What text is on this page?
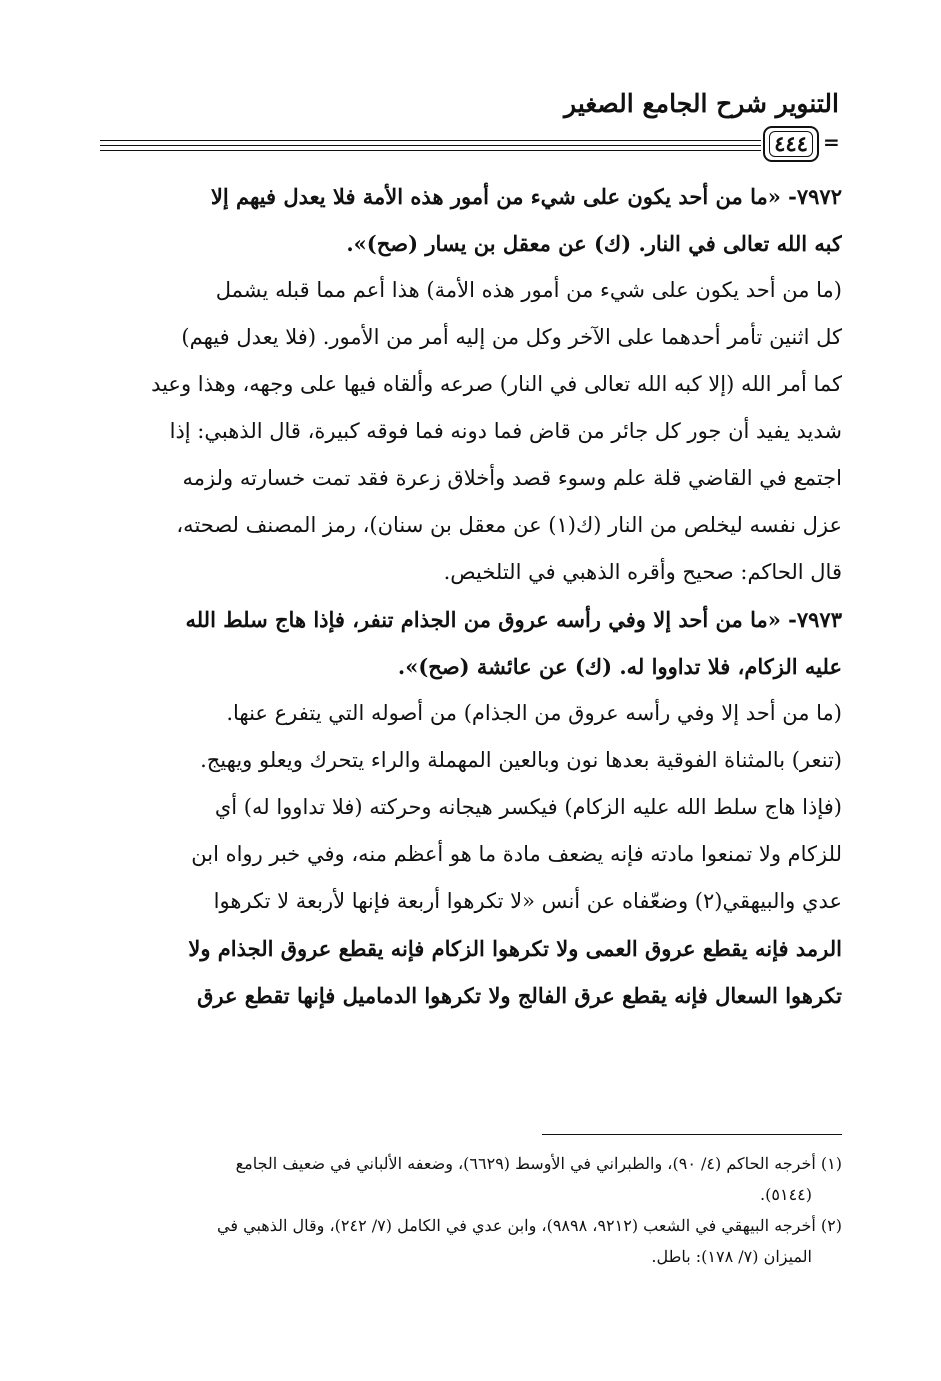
التنوير شرح الجامع الصغير
٤٤٤ =
٧٩٧٢- «ما من أحد يكون على شيء من أمور هذه الأمة فلا يعدل فيهم إلا
كبه الله تعالى في النار. (ك) عن معقل بن يسار (صح)».
(ما من أحد يكون على شيء من أمور هذه الأمة) هذا أعم مما قبله يشمل
كل اثنين تأمر أحدهما على الآخر وكل من إليه أمر من الأمور. (فلا يعدل فيهم)
كما أمر الله (إلا كبه الله تعالى في النار) صرعه وألقاه فيها على وجهه، وهذا وعيد
شديد يفيد أن جور كل جائر من قاض فما دونه فما فوقه كبيرة، قال الذهبي: إذا
اجتمع في القاضي قلة علم وسوء قصد وأخلاق زعرة فقد تمت خسارته ولزمه
عزل نفسه ليخلص من النار (ك(١) عن معقل بن سنان)، رمز المصنف لصحته،
قال الحاكم: صحيح وأقره الذهبي في التلخيص.
٧٩٧٣- «ما من أحد إلا وفي رأسه عروق من الجذام تنفر، فإذا هاج سلط الله
عليه الزكام، فلا تداووا له. (ك) عن عائشة (صح)».
(ما من أحد إلا وفي رأسه عروق من الجذام) من أصوله التي يتفرع عنها.
(تنعر) بالمثناة الفوقية بعدها نون وبالعين المهملة والراء يتحرك ويعلو ويهيج.
(فإذا هاج سلط الله عليه الزكام) فيكسر هيجانه وحركته (فلا تداووا له) أي
للزكام ولا تمنعوا مادته فإنه يضعف مادة ما هو أعظم منه، وفي خبر رواه ابن
عدي والبيهقي(٢) وضعّفاه عن أنس «لا تكرهوا أربعة فإنها لأربعة لا تكرهوا
الرمد فإنه يقطع عروق العمى ولا تكرهوا الزكام فإنه يقطع عروق الجذام ولا
تكرهوا السعال فإنه يقطع عرق الفالج ولا تكرهوا الدماميل فإنها تقطع عرق
(١) أخرجه الحاكم (٤/ ٩٠)، والطبراني في الأوسط (٦٦٢٩)، وضعفه الألباني في ضعيف الجامع
(٥١٤٤).
(٢) أخرجه البيهقي في الشعب (٩٢١٢، ٩٨٩٨)، وابن عدي في الكامل (٧/ ٢٤٢)، وقال الذهبي في
الميزان (٧/ ١٧٨): باطل.
